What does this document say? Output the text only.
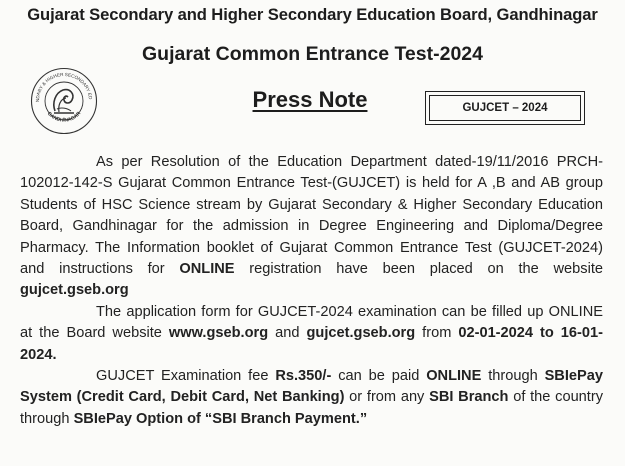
Gujarat Secondary and Higher Secondary Education Board, Gandhinagar
Gujarat Common Entrance Test-2024
NDARY & HIGHER SECONDARY ED
GANDHINAGAR
Press Note	GUJCET – 2024

As per Resolution of the Education Department dated-19/11/2016 PRCH-102012-142-S Gujarat Common Entrance Test-(GUJCET) is held for A ,B and AB group Students of HSC Science stream by Gujarat Secondary & Higher Secondary Education Board, Gandhinagar for the admission in Degree Engineering and Diploma/Degree Pharmacy. The Information booklet of Gujarat Common Entrance Test (GUJCET-2024) and instructions for ONLINE registration have been placed on the website gujcet.gseb.org

The application form for GUJCET-2024 examination can be filled up ONLINE at the Board website www.gseb.org and gujcet.gseb.org from 02-01-2024 to 16-01-2024.

GUJCET Examination fee Rs.350/- can be paid ONLINE through SBIePay System (Credit Card, Debit Card, Net Banking) or from any SBI Branch of the country through SBIePay Option of “SBI Branch Payment.”
